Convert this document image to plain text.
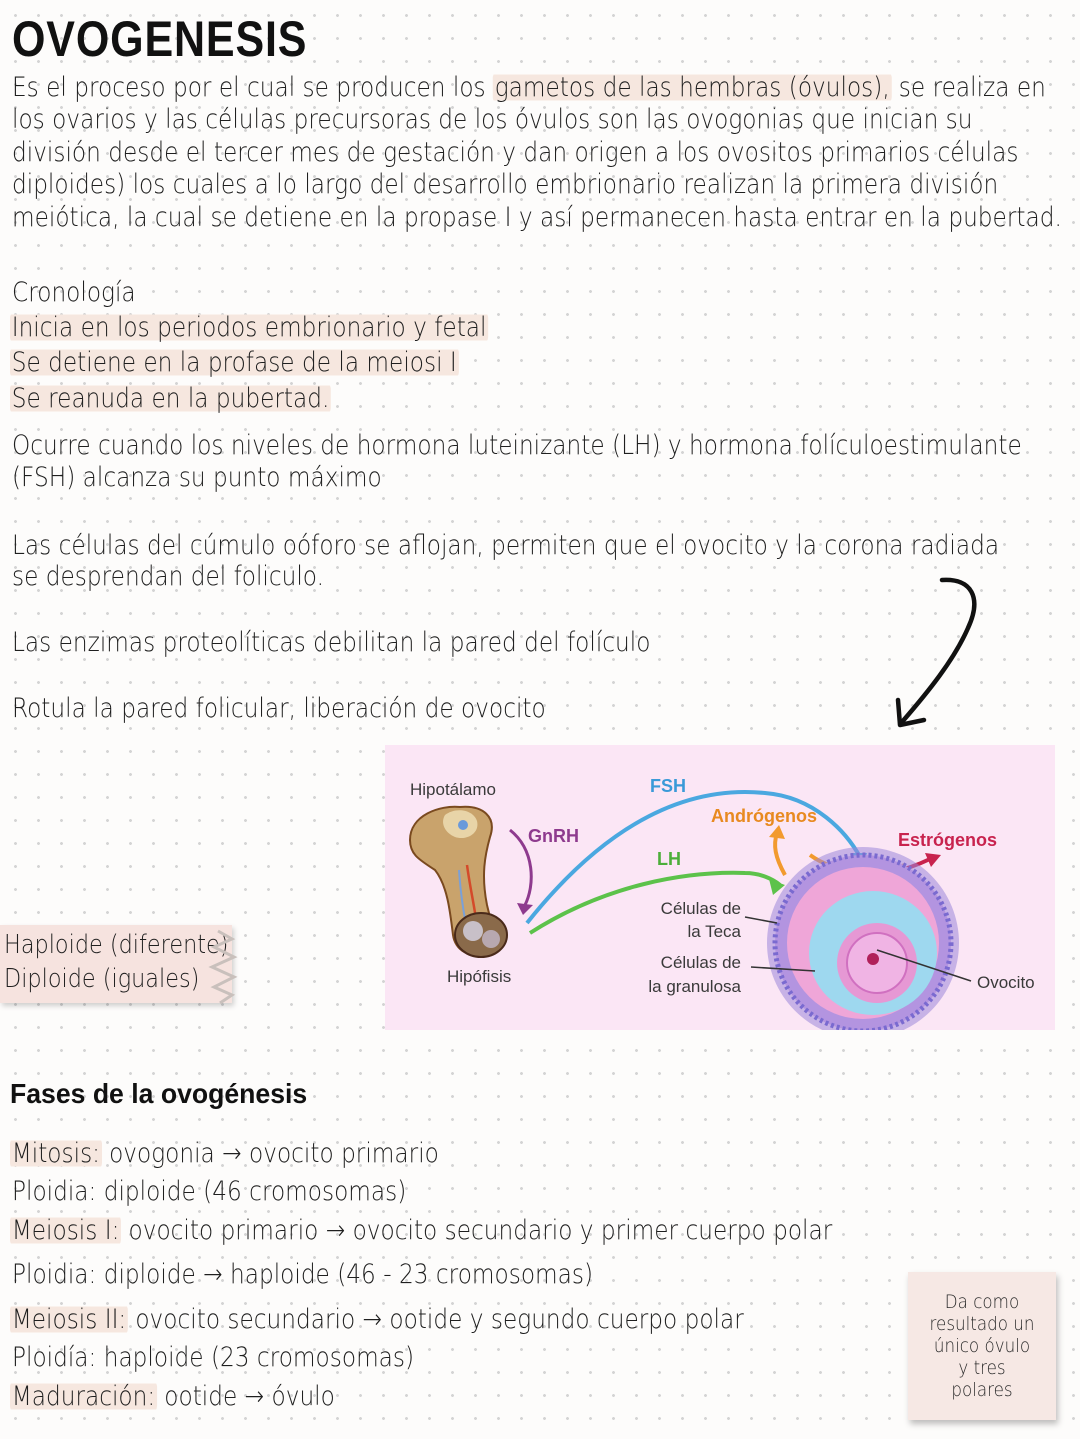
OVOGENESIS

Es el proceso por el cual se producen los gametos de las hembras (óvulos), se realiza en los ovarios y las células precursoras de los óvulos son las ovogonias que inician su división desde el tercer mes de gestación y dan origen a los ovositos primarios células diploides) los cuales a lo largo del desarrollo embrionario realizan la primera división meiótica, la cual se detiene en la propase I y así permanecen hasta entrar en la pubertad.

Cronología

Inicia en los periodos embrionario y fetal

Se detiene en la profase de la meiosi I

Se reanuda en la pubertad.

Ocurre cuando los niveles de hormona luteinizante (LH) y hormona folículoestimulante

(FSH) alcanza su punto máximo

Las células del cúmulo oóforo se aflojan, permiten que el ovocito y la corona radiada

se desprendan del foliculo.

Las enzimas proteolíticas debilitan la pared del folículo

Rotula la pared folicular, liberación de ovocito

Haploide (diferente)

Diploide (iguales)

Hipotálamo
Hipófisis
GnRH
FSH
LH
Andrógenos
Estrógenos
Células de
la Teca
Células de
la granulosa	Ovocito
Fases de la ovogénesis

Mitosis: ovogonia → ovocito primario

Ploidia: diploide (46 cromosomas)

Meiosis I: ovocito primario → ovocito secundario y primer cuerpo polar

Ploidia: diploide → haploide (46 - 23 cromosomas)

Meiosis II: ovocito secundario → ootide y segundo cuerpo polar

Ploidía: haploide (23 cromosomas)

Maduración: ootide → óvulo

Da como resultado un único óvulo y tres polares
